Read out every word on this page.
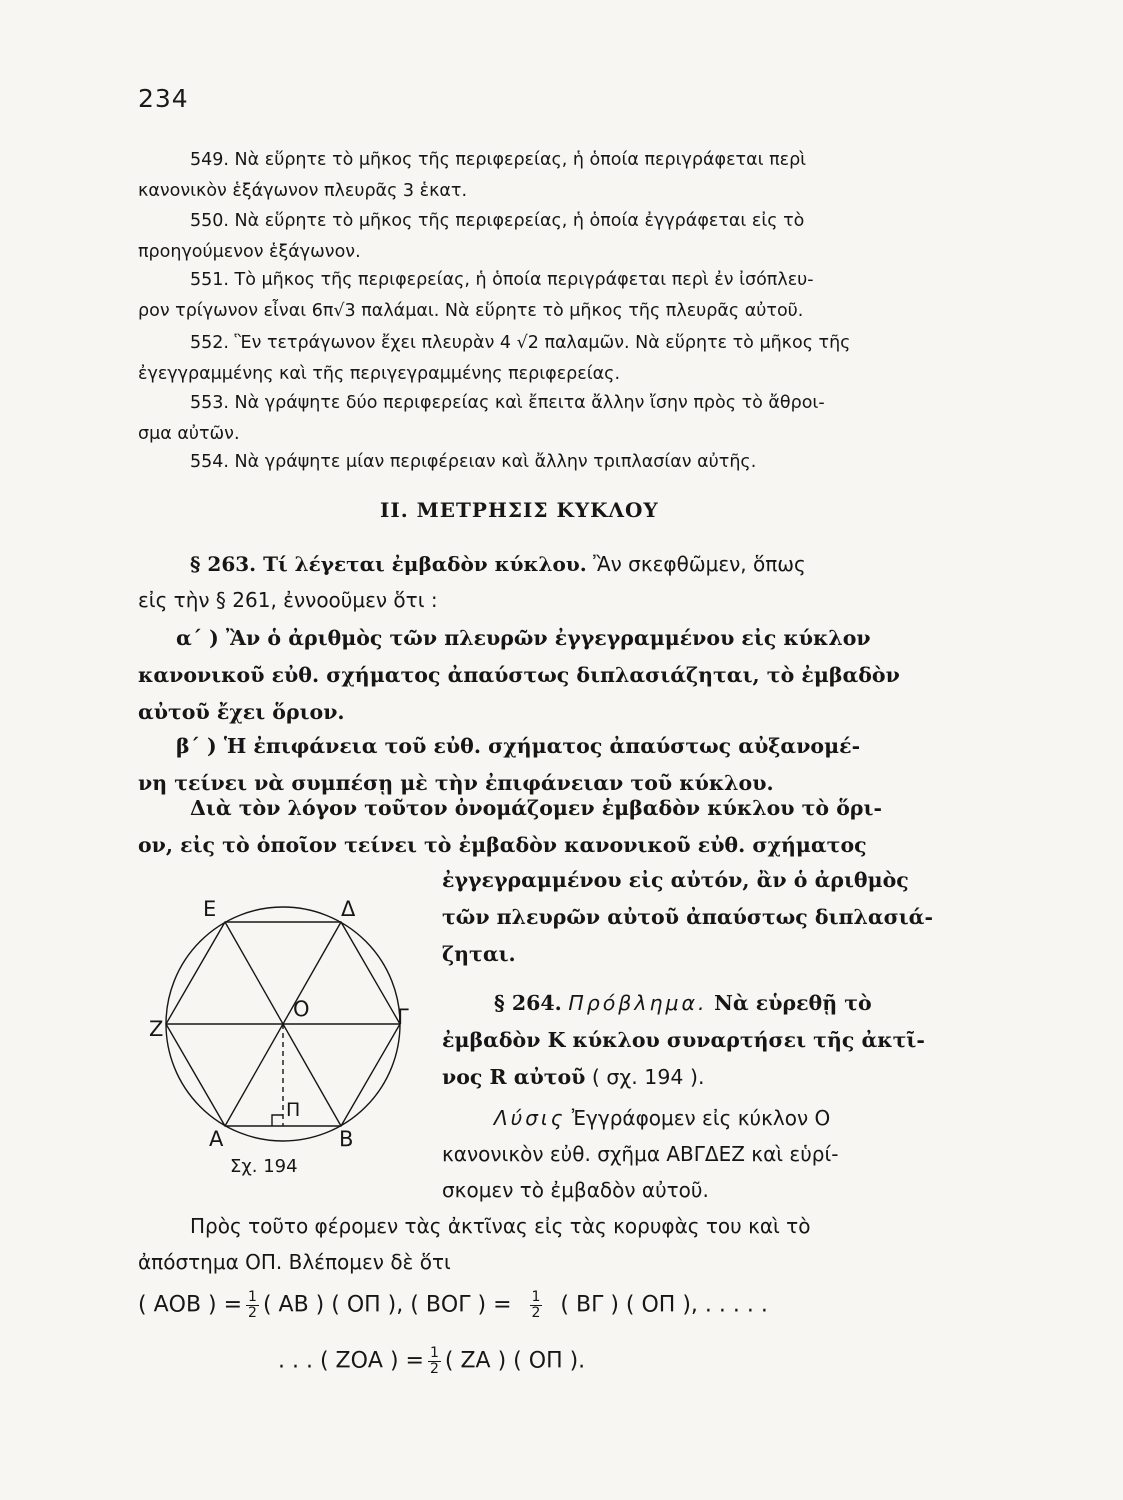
234
549. Νὰ εὕρητε τὸ μῆκος τῆς περιφερείας, ἡ ὁποία περιγράφεται περὶ
κανονικὸν ἑξάγωνον πλευρᾶς 3 ἑκατ.
550. Νὰ εὕρητε τὸ μῆκος τῆς περιφερείας, ἡ ὁποία ἐγγράφεται εἰς τὸ
προηγούμενον ἑξάγωνον.
551. Τὸ μῆκος τῆς περιφερείας, ἡ ὁποία περιγράφεται περὶ ἐν ἰσόπλευ-
ρον τρίγωνον εἶναι 6π√3 παλάμαι. Νὰ εὕρητε τὸ μῆκος τῆς πλευρᾶς αὐτοῦ.
552. Ἓν τετράγωνον ἔχει πλευρὰν 4 √2 παλαμῶν. Νὰ εὕρητε τὸ μῆκος τῆς
ἐγεγγραμμένης καὶ τῆς περιγεγραμμένης περιφερείας.
553. Νὰ γράψητε δύο περιφερείας καὶ ἔπειτα ἄλλην ἴσην πρὸς τὸ ἄθροι-
σμα αὐτῶν.
554. Νὰ γράψητε μίαν περιφέρειαν καὶ ἄλλην τριπλασίαν αὐτῆς.
II. ΜΕΤΡΗΣΙΣ ΚΥΚΛΟΥ
§ 263. Τί λέγεται ἐμβαδὸν κύκλου. Ἂν σκεφθῶμεν, ὅπως
εἰς τὴν § 261, ἐννοοῦμεν ὅτι :
α΄ ) Ἂν ὁ ἀριθμὸς τῶν πλευρῶν ἐγγεγραμμένου εἰς κύκλον
κανονικοῦ εὐθ. σχήματος ἀπαύστως διπλασιάζηται, τὸ ἐμβαδὸν
αὐτοῦ ἔχει ὅριον.
β΄ ) Ἡ ἐπιφάνεια τοῦ εὐθ. σχήματος ἀπαύστως αὐξανομέ-
νη τείνει νὰ συμπέσῃ μὲ τὴν ἐπιφάνειαν τοῦ κύκλου.
Διὰ τὸν λόγον τοῦτον ὀνομάζομεν ἐμβαδὸν κύκλου τὸ ὅρι-
ον, εἰς τὸ ὁποῖον τείνει τὸ ἐμβαδὸν κανονικοῦ εὐθ. σχήματος
ἐγγεγραμμένου εἰς αὐτόν, ἂν ὁ ἀριθμὸς
τῶν πλευρῶν αὐτοῦ ἀπαύστως διπλασιά-
ζηται.
Ε	Δ
Ζ
Ο	Γ
Α	Β
Π
Σχ. 194
§ 264. Πρόβλημα. Νὰ εὑρεθῇ τὸ
ἐμβαδὸν Κ κύκλου συναρτήσει τῆς ἀκτῖ-
νος R αὐτοῦ ( σχ. 194 ).
Λύσις Ἐγγράφομεν εἰς κύκλον Ο
κανονικὸν εὐθ. σχῆμα ΑΒΓΔΕΖ καὶ εὑρί-
σκομεν τὸ ἐμβαδὸν αὐτοῦ.
Πρὸς τοῦτο φέρομεν τὰς ἀκτῖνας εἰς τὰς κορυφὰς του καὶ τὸ
ἀπόστημα ΟΠ. Βλέπομεν δὲ ὅτι
( ΑΟΒ ) = $\frac{1}{2}$ ( ΑΒ ) ( ΟΠ ), ( ΒΟΓ ) = $\frac{1}{2}$ ( ΒΓ ) ( ΟΠ ), . . . . .
. . . ( ΖΟΑ ) = $\frac{1}{2}$ ( ΖΑ ) ( ΟΠ ).
